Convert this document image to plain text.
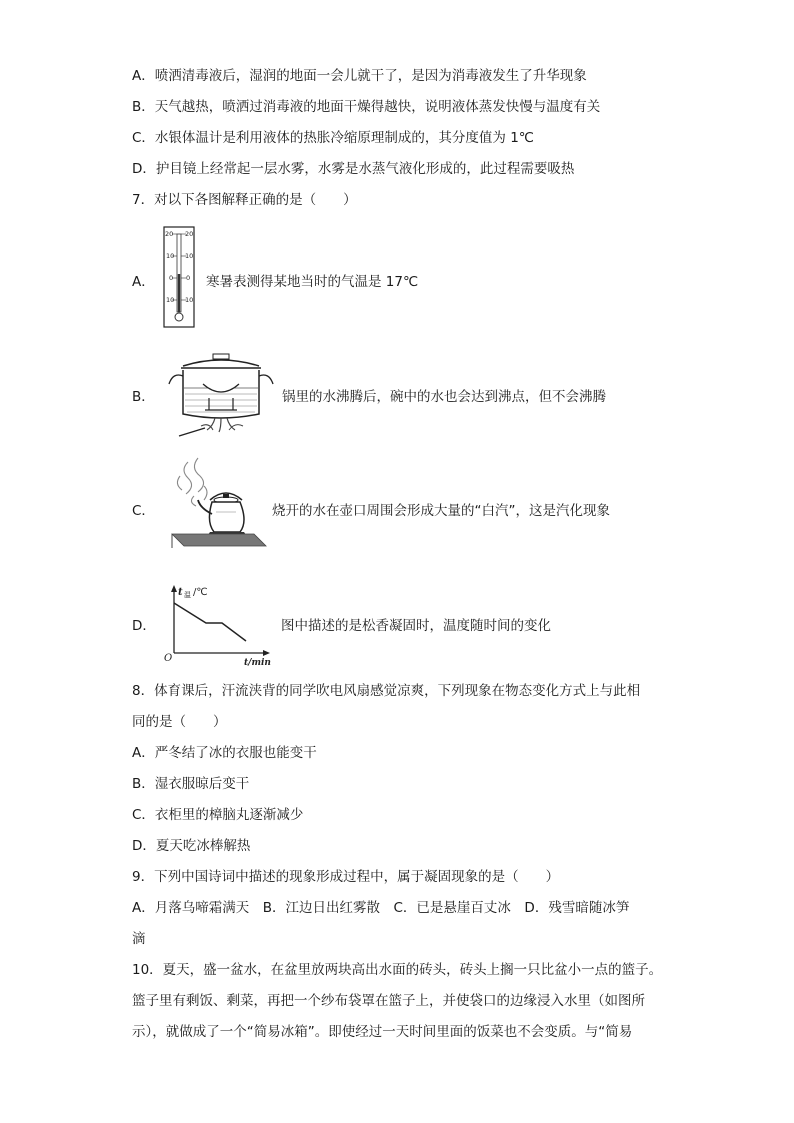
A．喷洒清毒液后，湿润的地面一会儿就干了，是因为消毒液发生了升华现象
B．天气越热，喷洒过消毒液的地面干燥得越快，说明液体蒸发快慢与温度有关
C．水银体温计是利用液体的热胀冷缩原理制成的，其分度值为 1℃
D．护目镜上经常起一层水雾，水雾是水蒸气液化形成的，此过程需要吸热
7．对以下各图解释正确的是（　　）
A．
20 20
10 10
0 0
10 10
寒暑表测得某地当时的气温是 17℃
B．	锅里的水沸腾后，碗中的水也会达到沸点，但不会沸腾
C．	烧开的水在壶口周围会形成大量的“白汽”，这是汽化现象
D．
t 温 /℃
O	t/min
图中描述的是松香凝固时，温度随时间的变化
8．体育课后，汗流浃背的同学吹电风扇感觉凉爽，下列现象在物态变化方式上与此相
同的是（　　）
A．严冬结了冰的衣服也能变干
B．湿衣服晾后变干
C．衣柜里的樟脑丸逐渐减少
D．夏天吃冰棒解热
9．下列中国诗词中描述的现象形成过程中，属于凝固现象的是（　　）
A．月落乌啼霜满天　B．江边日出红雾散　C．已是悬崖百丈冰　D．残雪暗随冰笋
滴
10．夏天，盛一盆水，在盆里放两块高出水面的砖头，砖头上搁一只比盆小一点的篮子。
篮子里有剩饭、剩菜，再把一个纱布袋罩在篮子上，并使袋口的边缘浸入水里（如图所
示），就做成了一个“简易冰箱”。即使经过一天时间里面的饭菜也不会变质。与“简易
